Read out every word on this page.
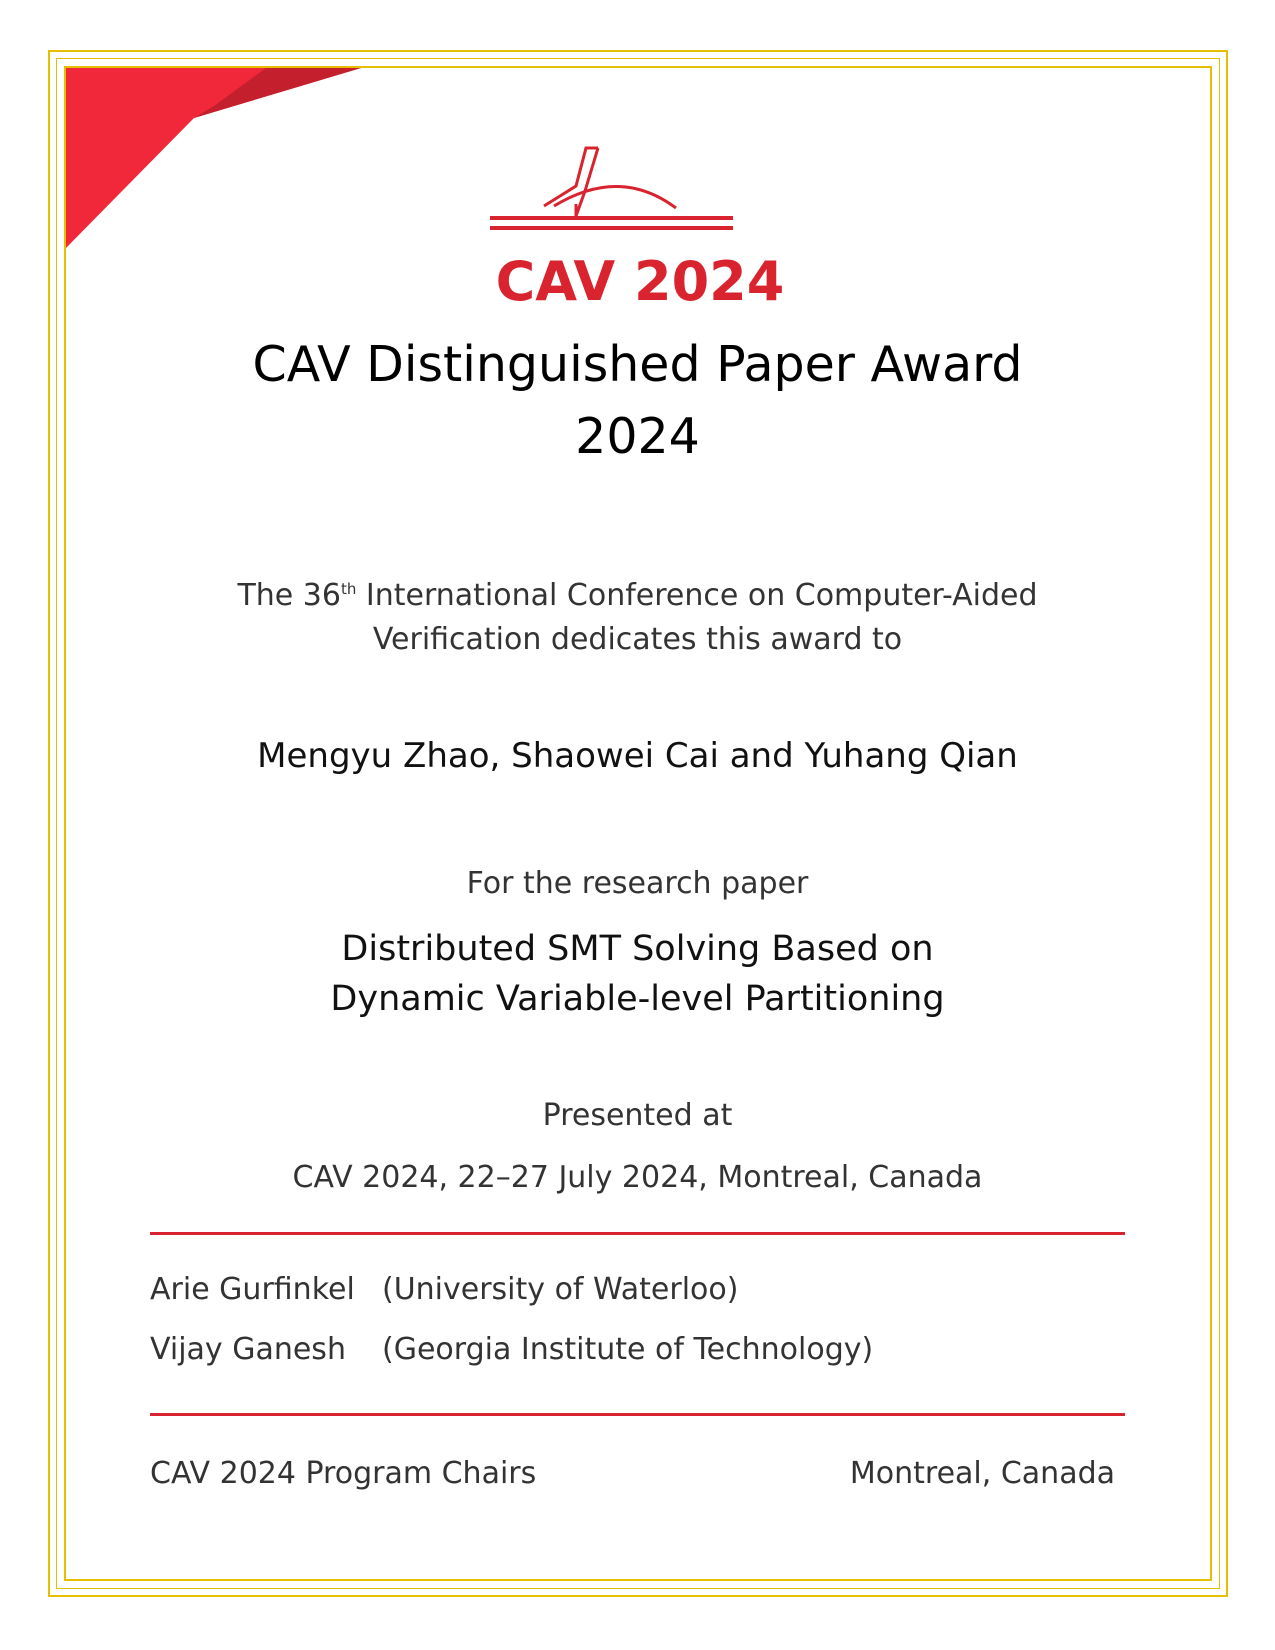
CAV 2024
CAV Distinguished Paper Award
2024
The 36th International Conference on Computer-Aided
Verification dedicates this award to
Mengyu Zhao, Shaowei Cai and Yuhang Qian
For the research paper
Distributed SMT Solving Based on
Dynamic Variable-level Partitioning
Presented at
CAV 2024, 22–27 July 2024, Montreal, Canada
Arie Gurfinkel (University of Waterloo)
Vijay Ganesh (Georgia Institute of Technology)
CAV 2024 Program Chairs	Montreal, Canada
